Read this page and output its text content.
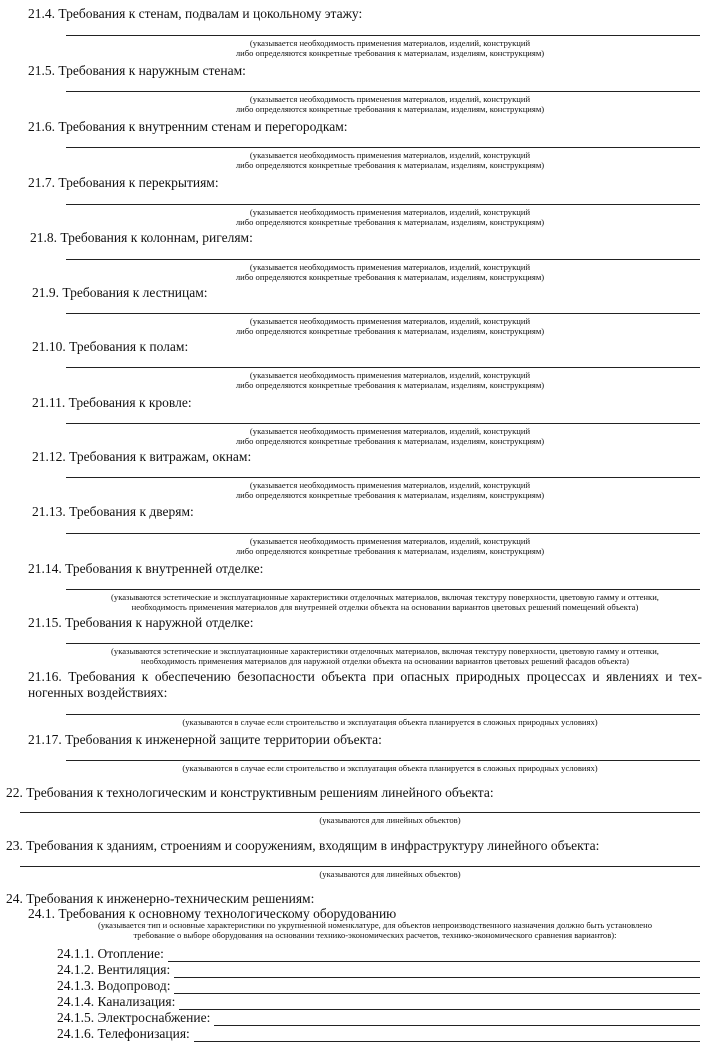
21.4. Требования к стенам, подвалам и цокольному этажу:
(указывается необходимость применения материалов, изделий, конструкций
либо определяются конкретные требования к материалам, изделиям, конструкциям)
21.5. Требования к наружным стенам:
(указывается необходимость применения материалов, изделий, конструкций
либо определяются конкретные требования к материалам, изделиям, конструкциям)
21.6. Требования к внутренним стенам и перегородкам:
(указывается необходимость применения материалов, изделий, конструкций
либо определяются конкретные требования к материалам, изделиям, конструкциям)
21.7. Требования к перекрытиям:
(указывается необходимость применения материалов, изделий, конструкций
либо определяются конкретные требования к материалам, изделиям, конструкциям)
21.8. Требования к колоннам, ригелям:
(указывается необходимость применения материалов, изделий, конструкций
либо определяются конкретные требования к материалам, изделиям, конструкциям)
21.9. Требования к лестницам:
(указывается необходимость применения материалов, изделий, конструкций
либо определяются конкретные требования к материалам, изделиям, конструкциям)
21.10. Требования к полам:
(указывается необходимость применения материалов, изделий, конструкций
либо определяются конкретные требования к материалам, изделиям, конструкциям)
21.11. Требования к кровле:
(указывается необходимость применения материалов, изделий, конструкций
либо определяются конкретные требования к материалам, изделиям, конструкциям)
21.12. Требования к витражам, окнам:
(указывается необходимость применения материалов, изделий, конструкций
либо определяются конкретные требования к материалам, изделиям, конструкциям)
21.13. Требования к дверям:
(указывается необходимость применения материалов, изделий, конструкций
либо определяются конкретные требования к материалам, изделиям, конструкциям)
21.14. Требования к внутренней отделке:
(указываются эстетические и эксплуатационные характеристики отделочных материалов, включая текстуру поверхности, цветовую гамму и оттенки,
необходимость применения материалов для внутренней отделки объекта на основании вариантов цветовых решений помещений объекта)
21.15. Требования к наружной отделке:
(указываются эстетические и эксплуатационные характеристики отделочных материалов, включая текстуру поверхности, цветовую гамму и оттенки,
необходимость применения материалов для наружной отделки объекта на основании вариантов цветовых решений фасадов объекта)
21.16. Требования к обеспечению безопасности объекта при опасных природных процессах и явлениях и тех-ногенных воздействиях:
(указываются в случае если строительство и эксплуатация объекта планируется в сложных природных условиях)
21.17. Требования к инженерной защите территории объекта:
(указываются в случае если строительство и эксплуатация объекта планируется в сложных природных условиях)
22. Требования к технологическим и конструктивным решениям линейного объекта:
(указываются для линейных объектов)
23. Требования к зданиям, строениям и сооружениям, входящим в инфраструктуру линейного объекта:
(указываются для линейных объектов)
24. Требования к инженерно-техническим решениям:
24.1. Требования к основному технологическому оборудованию
(указывается тип и основные характеристики по укрупненной номенклатуре, для объектов непроизводственного назначения должно быть установлено
требование о выборе оборудования на основании технико-экономических расчетов, технико-экономического сравнения вариантов):
24.1.1. Отопление:
24.1.2. Вентиляция:
24.1.3. Водопровод:
24.1.4. Канализация:
24.1.5. Электроснабжение:
24.1.6. Телефонизация:
